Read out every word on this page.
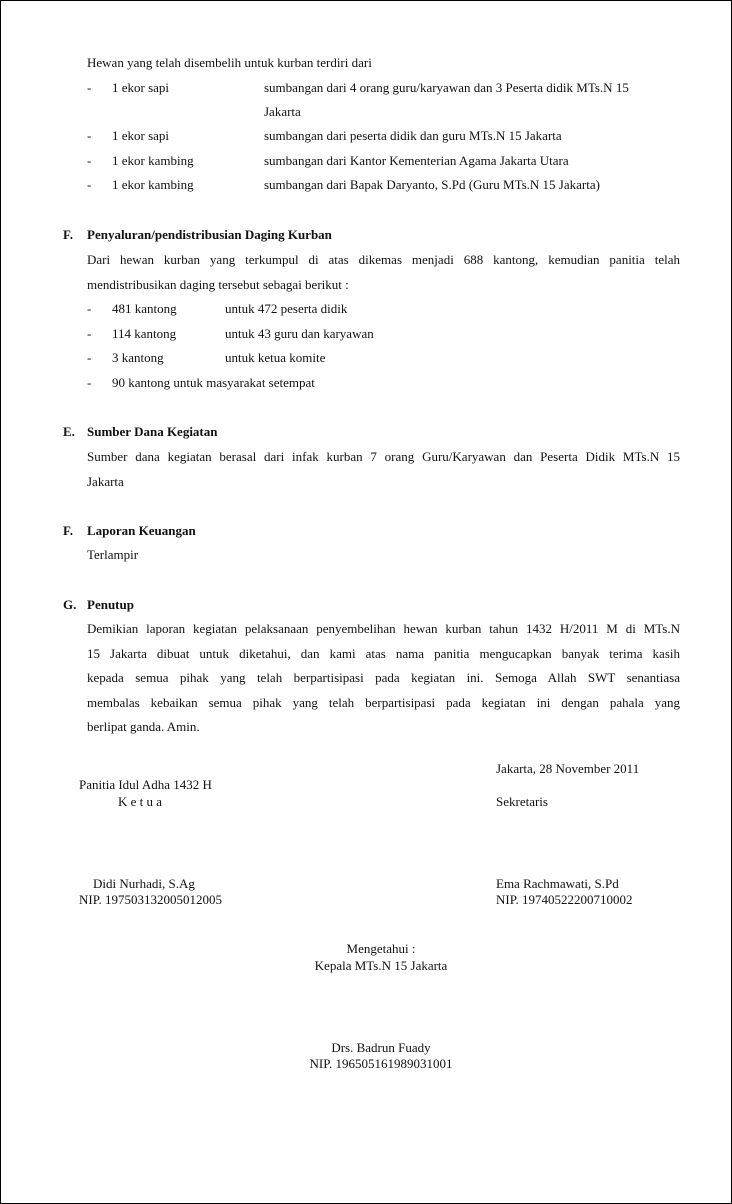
Hewan yang telah disembelih untuk kurban terdiri dari
- 1 ekor sapi	sumbangan dari 4 orang guru/karyawan dan 3 Peserta didik MTs.N 15
Jakarta
- 1 ekor sapi	sumbangan dari peserta didik dan guru MTs.N 15 Jakarta
- 1 ekor kambing	sumbangan dari Kantor Kementerian Agama Jakarta Utara
- 1 ekor kambing	sumbangan dari Bapak Daryanto, S.Pd (Guru MTs.N 15 Jakarta)
F. Penyaluran/pendistribusian Daging Kurban
Dari hewan kurban yang terkumpul di atas dikemas menjadi 688 kantong, kemudian panitia telah
mendistribusikan daging tersebut sebagai berikut :
- 481 kantong	untuk 472 peserta didik
- 114 kantong	untuk 43 guru dan karyawan
- 3 kantong	untuk ketua komite
- 90 kantong untuk masyarakat setempat
E. Sumber Dana Kegiatan
Sumber dana kegiatan berasal dari infak kurban 7 orang Guru/Karyawan dan Peserta Didik MTs.N 15
Jakarta
F. Laporan Keuangan
Terlampir
G. Penutup
Demikian laporan kegiatan pelaksanaan penyembelihan hewan kurban tahun 1432 H/2011 M di MTs.N
15 Jakarta dibuat untuk diketahui, dan kami atas nama panitia mengucapkan banyak terima kasih
kepada semua pihak yang telah berpartisipasi pada kegiatan ini. Semoga Allah SWT senantiasa
membalas kebaikan semua pihak yang telah berpartisipasi pada kegiatan ini dengan pahala yang
berlipat ganda. Amin.
Jakarta, 28 November 2011
Panitia Idul Adha 1432 H
K e t u a	Sekretaris
Didi Nurhadi, S.Ag
NIP. 197503132005012005
Ema Rachmawati, S.Pd
NIP. 19740522200710002
Mengetahui :
Kepala MTs.N 15 Jakarta
Drs. Badrun Fuady
NIP. 196505161989031001
